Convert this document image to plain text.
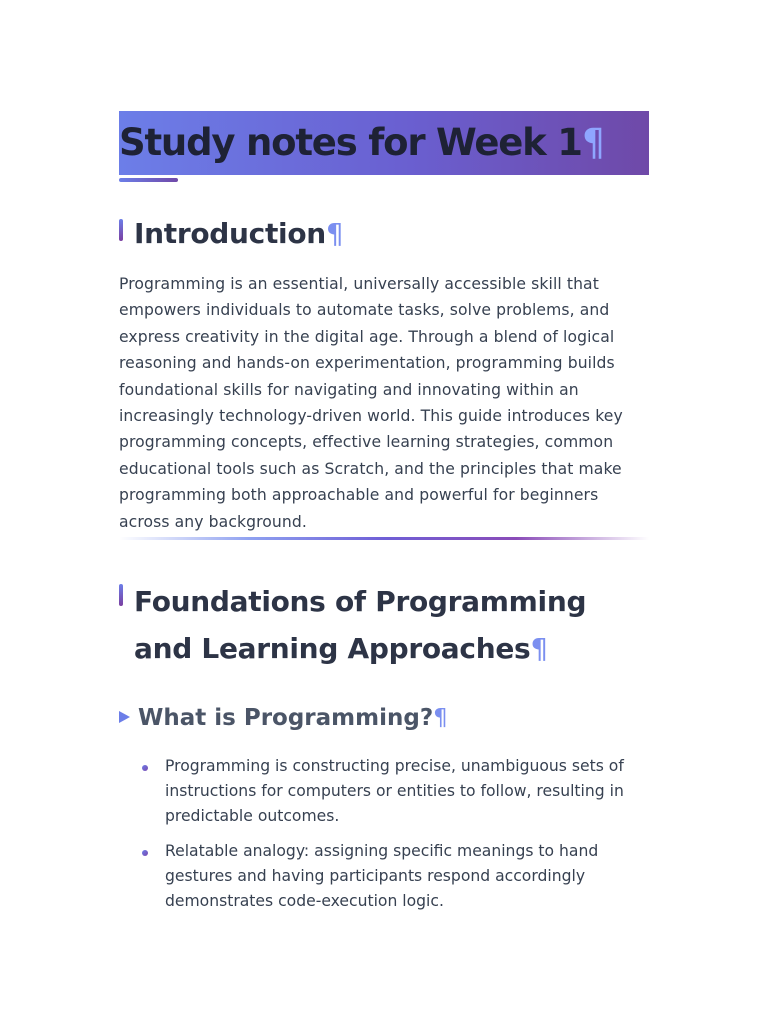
Study notes for Week 1¶
Introduction¶

Programming is an essential, universally accessible skill that empowers individuals to automate tasks, solve problems, and express creativity in the digital age. Through a blend of logical reasoning and hands-on experimentation, programming builds foundational skills for navigating and innovating within an increasingly technology-driven world. This guide introduces key programming concepts, effective learning strategies, common educational tools such as Scratch, and the principles that make programming both approachable and powerful for beginners across any background.

Foundations of Programming and Learning Approaches¶
What is Programming?¶
Programming is constructing precise, unambiguous sets of instructions for computers or entities to follow, resulting in predictable outcomes.
Relatable analogy: assigning specific meanings to hand gestures and having participants respond accordingly demonstrates code-execution logic.
